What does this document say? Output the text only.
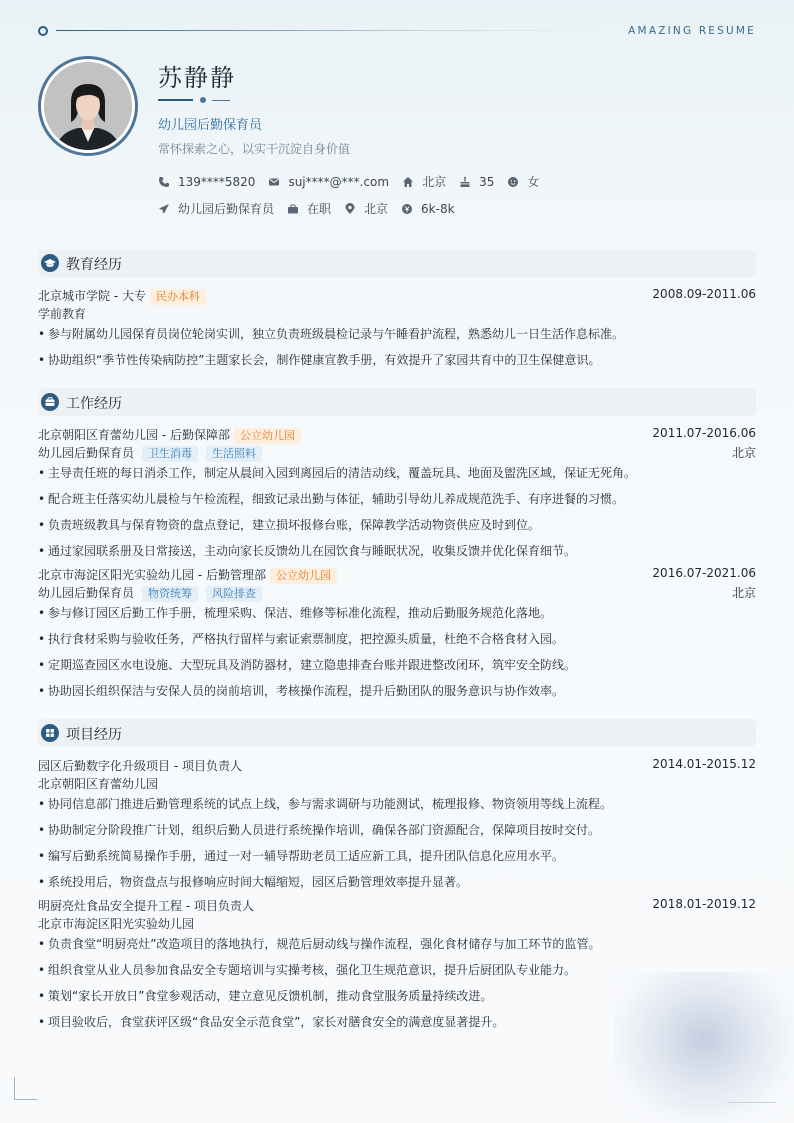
AMAZING RESUME
苏静静
幼儿园后勤保育员
常怀探索之心，以实干沉淀自身价值
139****5820	suj****@***.com	北京	35	女
幼儿园后勤保育员	在职	北京	6k-8k
教育经历
北京城市学院 - 大专 民办本科	2008.09-2011.06
学前教育
• 参与附属幼儿园保育员岗位轮岗实训，独立负责班级晨检记录与午睡看护流程，熟悉幼儿一日生活作息标准。
• 协助组织“季节性传染病防控”主题家长会，制作健康宣教手册，有效提升了家园共育中的卫生保健意识。
工作经历
北京朝阳区育蕾幼儿园 - 后勤保障部 公立幼儿园	2011.07-2016.06
幼儿园后勤保育员 卫生消毒 生活照料	北京
• 主导责任班的每日消杀工作，制定从晨间入园到离园后的清洁动线，覆盖玩具、地面及盥洗区域，保证无死角。
• 配合班主任落实幼儿晨检与午检流程，细致记录出勤与体征，辅助引导幼儿养成规范洗手、有序进餐的习惯。
• 负责班级教具与保育物资的盘点登记，建立损坏报修台账，保障教学活动物资供应及时到位。
• 通过家园联系册及日常接送，主动向家长反馈幼儿在园饮食与睡眠状况，收集反馈并优化保育细节。
北京市海淀区阳光实验幼儿园 - 后勤管理部 公立幼儿园	2016.07-2021.06
幼儿园后勤保育员 物资统筹 风险排查	北京
• 参与修订园区后勤工作手册，梳理采购、保洁、维修等标准化流程，推动后勤服务规范化落地。
• 执行食材采购与验收任务，严格执行留样与索证索票制度，把控源头质量，杜绝不合格食材入园。
• 定期巡查园区水电设施、大型玩具及消防器材，建立隐患排查台账并跟进整改闭环，筑牢安全防线。
• 协助园长组织保洁与安保人员的岗前培训，考核操作流程，提升后勤团队的服务意识与协作效率。
项目经历
园区后勤数字化升级项目 - 项目负责人	2014.01-2015.12
北京朝阳区育蕾幼儿园
• 协同信息部门推进后勤管理系统的试点上线，参与需求调研与功能测试，梳理报修、物资领用等线上流程。
• 协助制定分阶段推广计划，组织后勤人员进行系统操作培训，确保各部门资源配合，保障项目按时交付。
• 编写后勤系统简易操作手册，通过一对一辅导帮助老员工适应新工具，提升团队信息化应用水平。
• 系统投用后，物资盘点与报修响应时间大幅缩短，园区后勤管理效率提升显著。
明厨亮灶食品安全提升工程 - 项目负责人	2018.01-2019.12
北京市海淀区阳光实验幼儿园
• 负责食堂“明厨亮灶”改造项目的落地执行，规范后厨动线与操作流程，强化食材储存与加工环节的监管。
• 组织食堂从业人员参加食品安全专题培训与实操考核，强化卫生规范意识，提升后厨团队专业能力。
• 策划“家长开放日”食堂参观活动，建立意见反馈机制，推动食堂服务质量持续改进。
• 项目验收后，食堂获评区级“食品安全示范食堂”，家长对膳食安全的满意度显著提升。
